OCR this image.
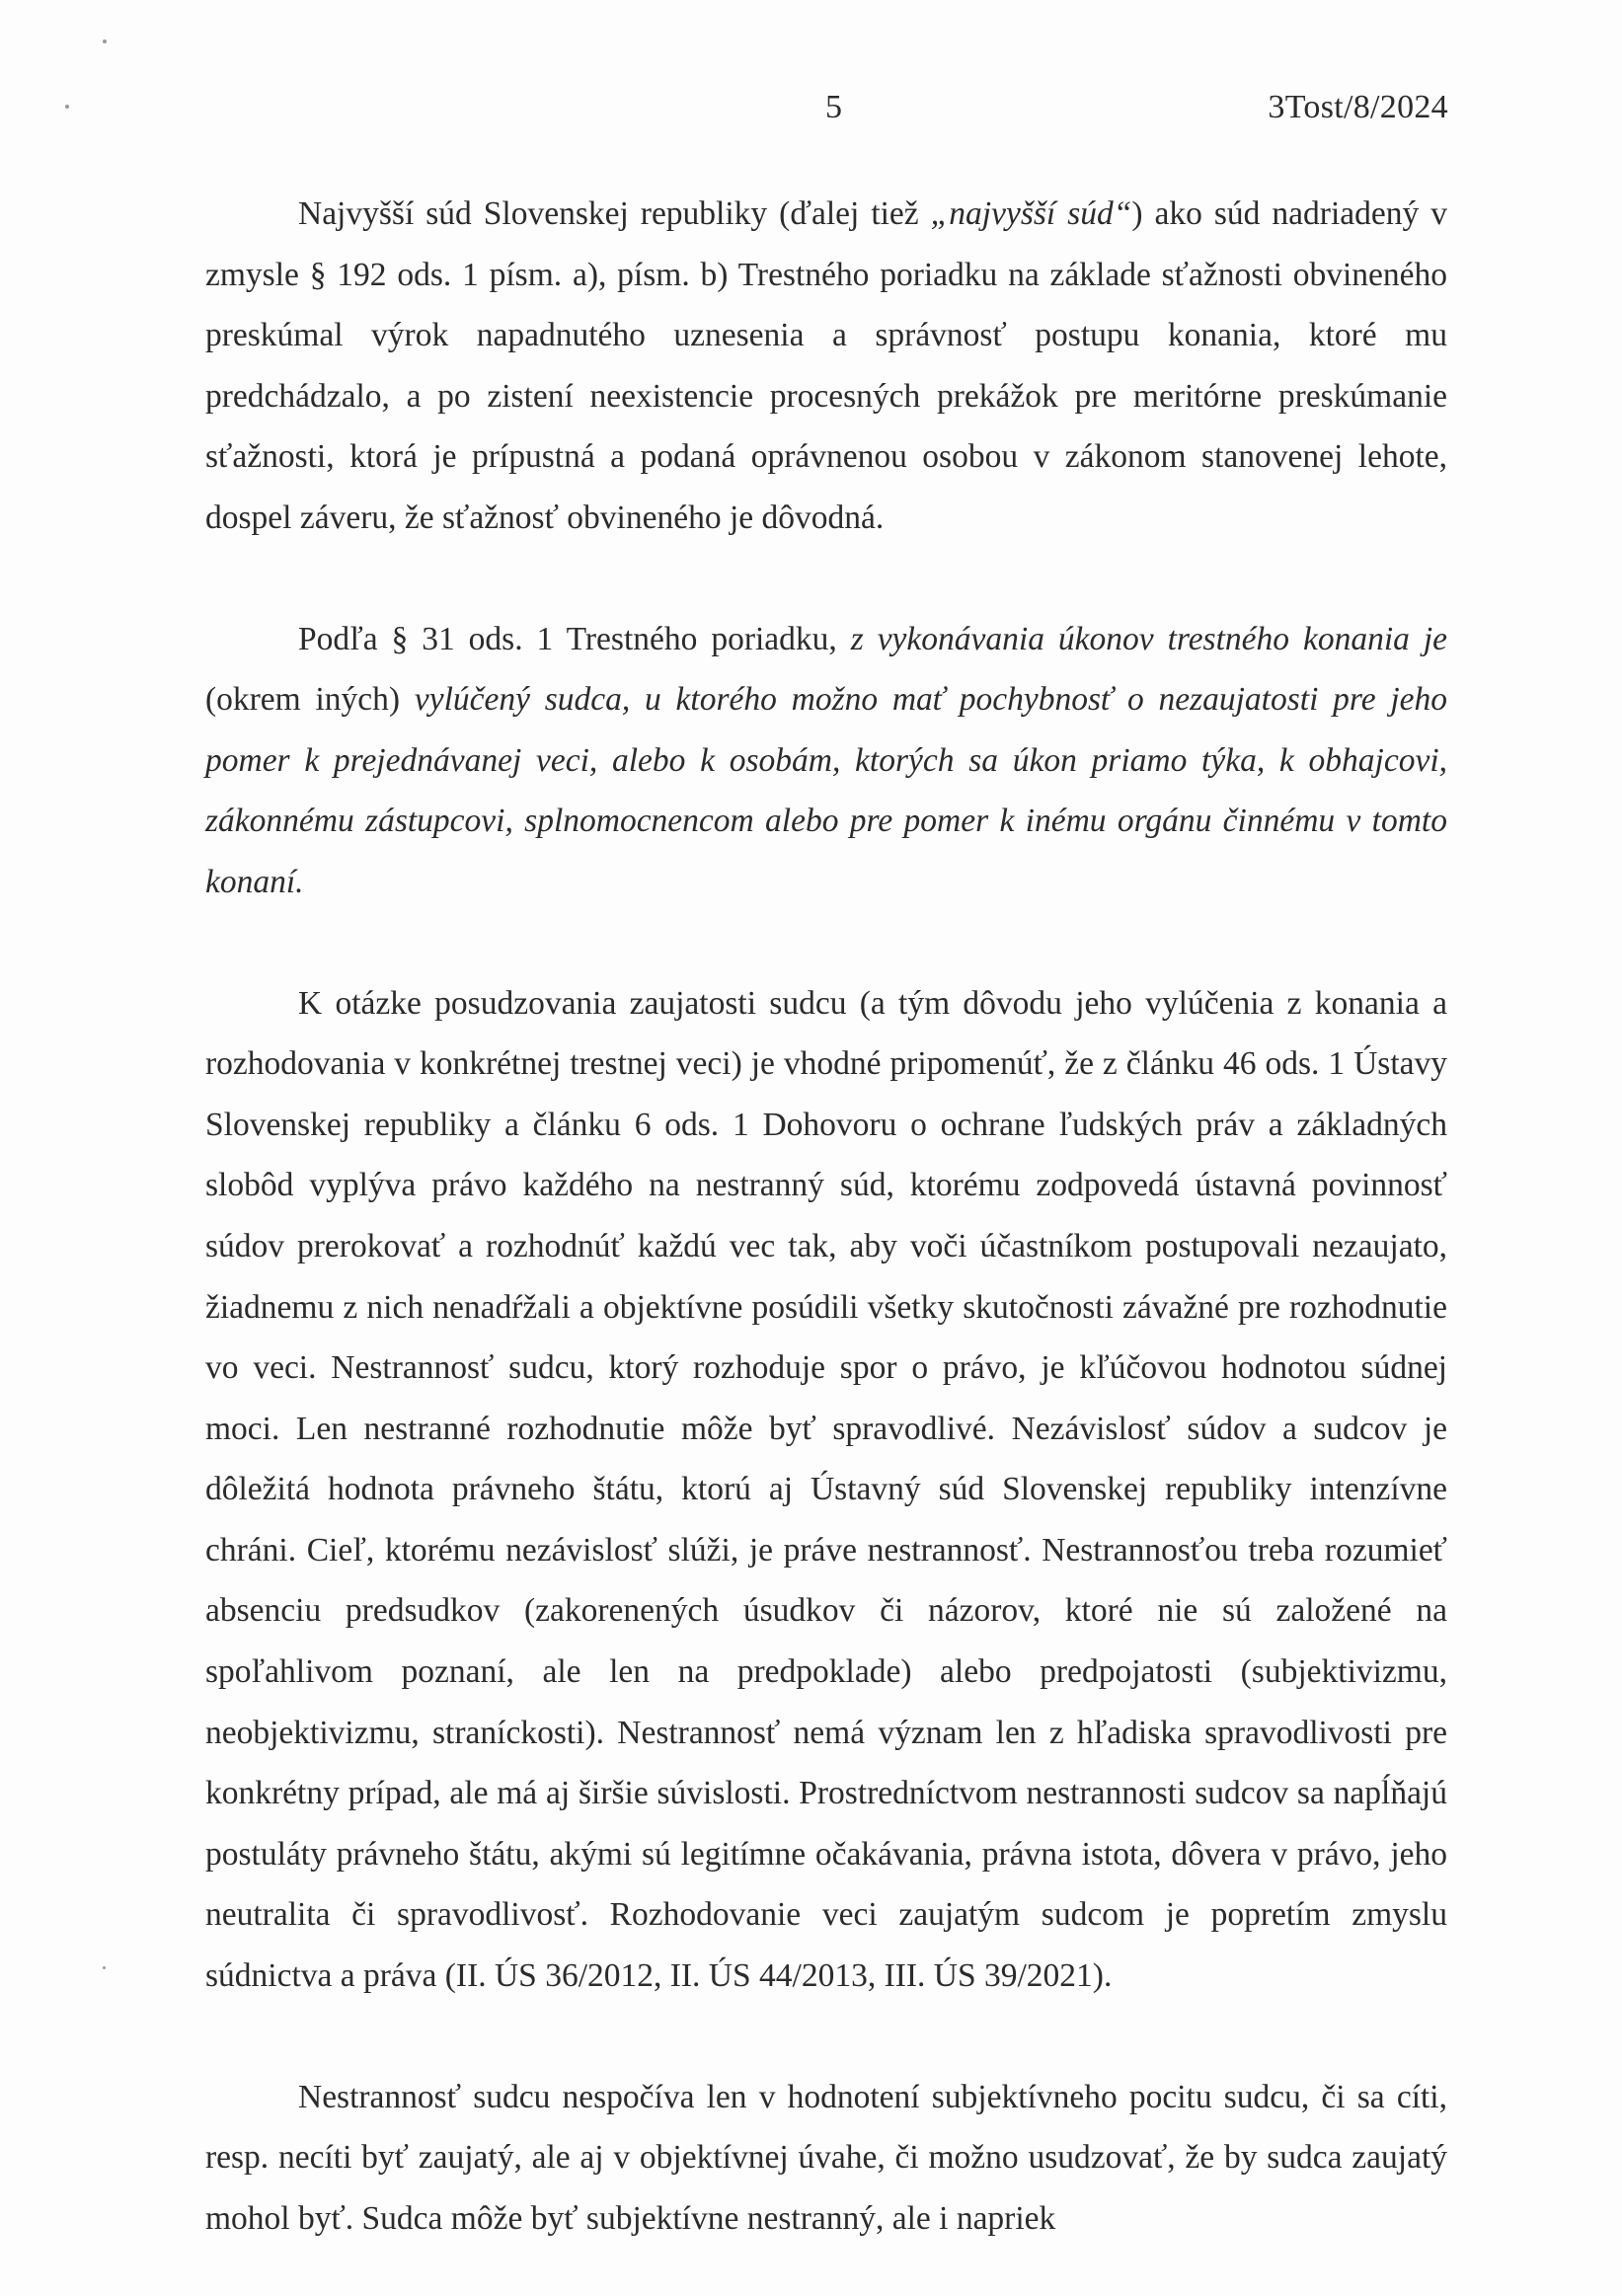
5	3Tost/8/2024

Najvyšší súd Slovenskej republiky (ďalej tiež „najvyšší súd“) ako súd nadriadený v zmysle § 192 ods. 1 písm. a), písm. b) Trestného poriadku na základe sťažnosti obvineného preskúmal výrok napadnutého uznesenia a správnosť postupu konania, ktoré mu predchádzalo, a po zistení neexistencie procesných prekážok pre meritórne preskúmanie sťažnosti, ktorá je prípustná a podaná oprávnenou osobou v zákonom stanovenej lehote, dospel záveru, že sťažnosť obvineného je dôvodná.

Podľa § 31 ods. 1 Trestného poriadku, z vykonávania úkonov trestného konania je (okrem iných) vylúčený sudca, u ktorého možno mať pochybnosť o nezaujatosti pre jeho pomer k prejednávanej veci, alebo k osobám, ktorých sa úkon priamo týka, k obhajcovi, zákonnému zástupcovi, splnomocnencom alebo pre pomer k inému orgánu činnému v tomto konaní.

K otázke posudzovania zaujatosti sudcu (a tým dôvodu jeho vylúčenia z konania a rozhodovania v konkrétnej trestnej veci) je vhodné pripomenúť, že z článku 46 ods. 1 Ústavy Slovenskej republiky a článku 6 ods. 1 Dohovoru o ochrane ľudských práv a základných slobôd vyplýva právo každého na nestranný súd, ktorému zodpovedá ústavná povinnosť súdov prerokovať a rozhodnúť každú vec tak, aby voči účastníkom postupovali nezaujato, žiadnemu z nich nenadŕžali a objektívne posúdili všetky skutočnosti závažné pre rozhodnutie vo veci. Nestrannosť sudcu, ktorý rozhoduje spor o právo, je kľúčovou hodnotou súdnej moci. Len nestranné rozhodnutie môže byť spravodlivé. Nezávislosť súdov a sudcov je dôležitá hodnota právneho štátu, ktorú aj Ústavný súd Slovenskej republiky intenzívne chráni. Cieľ, ktorému nezávislosť slúži, je práve nestrannosť. Nestrannosťou treba rozumieť absenciu predsudkov (zakorenených úsudkov či názorov, ktoré nie sú založené na spoľahlivom poznaní, ale len na predpoklade) alebo predpojatosti (subjektivizmu, neobjektivizmu, straníckosti). Nestrannosť nemá význam len z hľadiska spravodlivosti pre konkrétny prípad, ale má aj širšie súvislosti. Prostredníctvom nestrannosti sudcov sa napĺňajú postuláty právneho štátu, akými sú legitímne očakávania, právna istota, dôvera v právo, jeho neutralita či spravodlivosť. Rozhodovanie veci zaujatým sudcom je popretím zmyslu súdnictva a práva (II. ÚS 36/2012, II. ÚS 44/2013, III. ÚS 39/2021).

Nestrannosť sudcu nespočíva len v hodnotení subjektívneho pocitu sudcu, či sa cíti, resp. necíti byť zaujatý, ale aj v objektívnej úvahe, či možno usudzovať, že by sudca zaujatý mohol byť. Sudca môže byť subjektívne nestranný, ale i napriek
